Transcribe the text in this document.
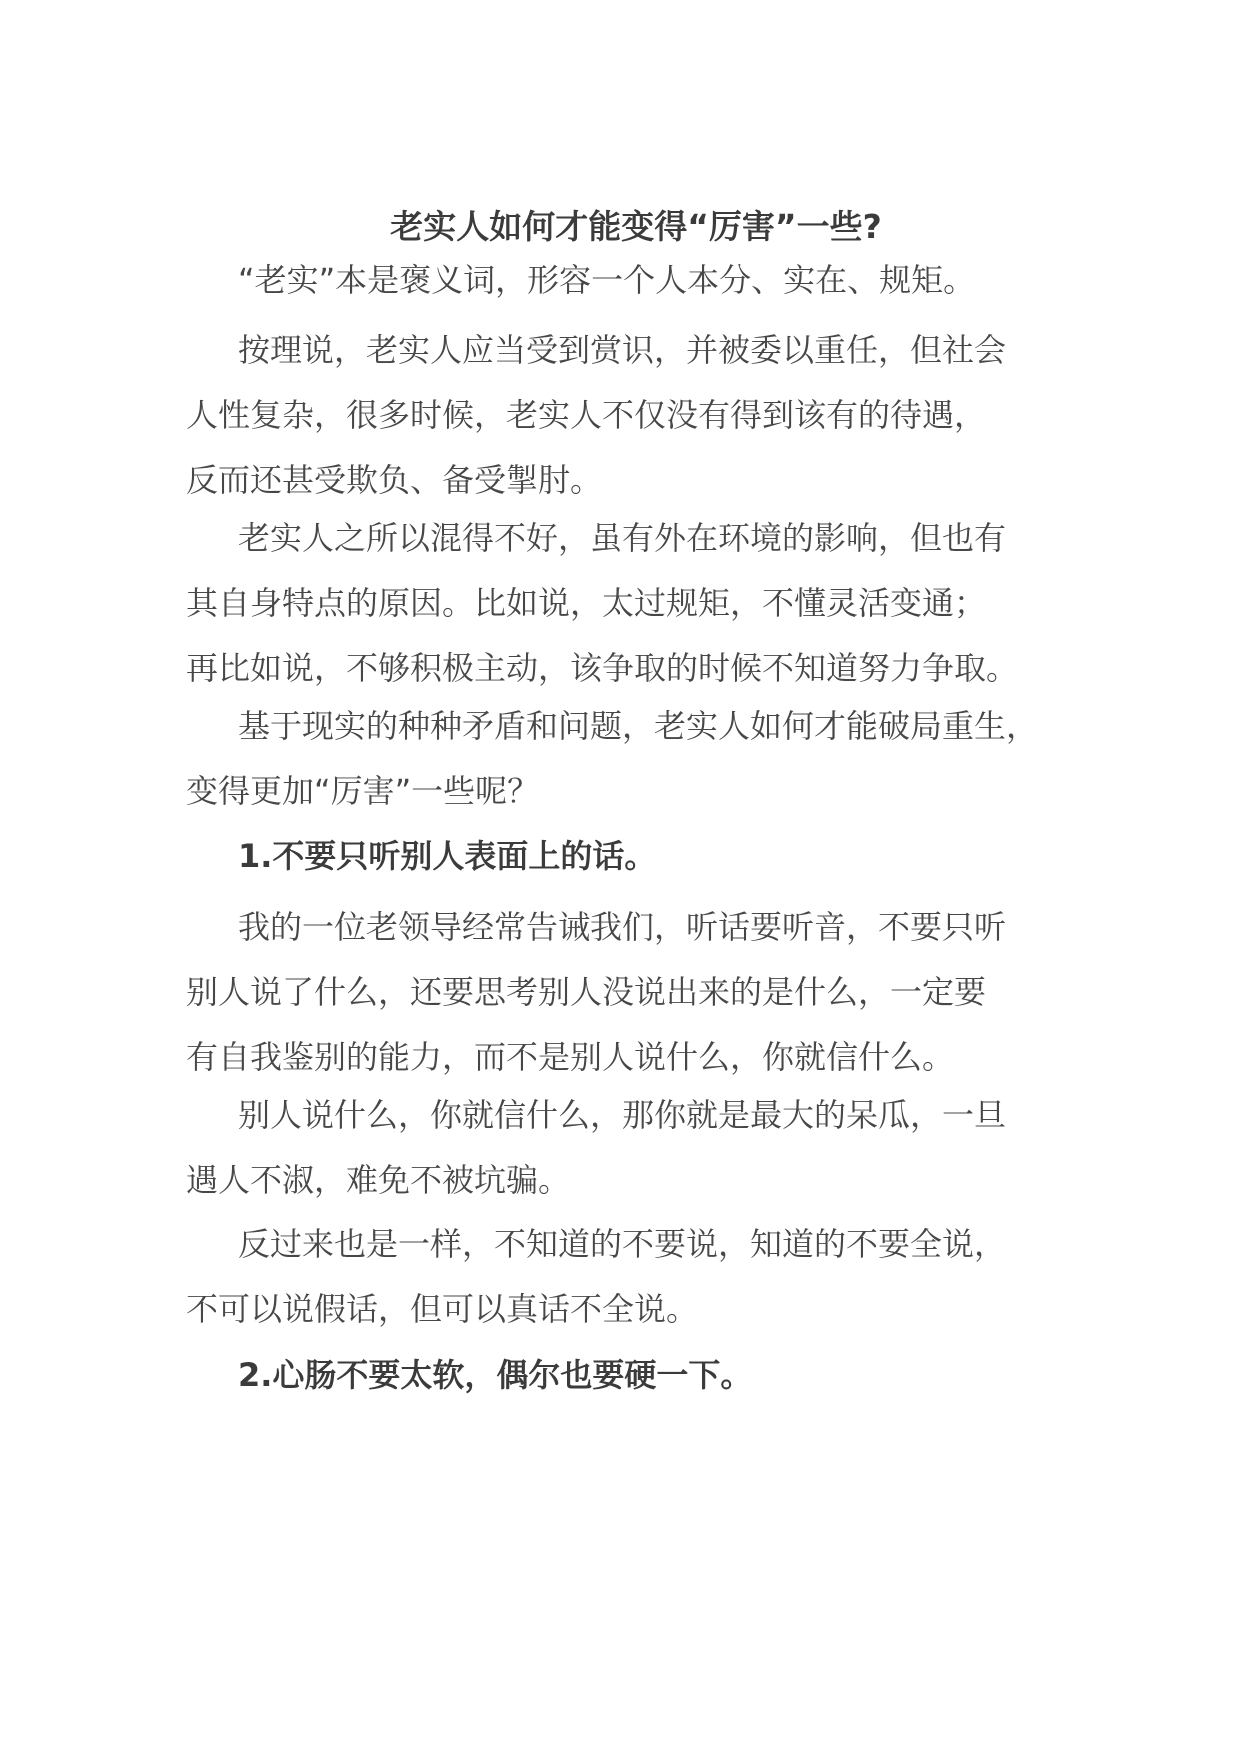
老实人如何才能变得“厉害”一些?

“老实”本是褒义词，形容一个人本分、实在、规矩。

按理说，老实人应当受到赏识，并被委以重任，但社会
人性复杂，很多时候，老实人不仅没有得到该有的待遇，
反而还甚受欺负、备受掣肘。

老实人之所以混得不好，虽有外在环境的影响，但也有
其自身特点的原因。比如说，太过规矩，不懂灵活变通；
再比如说，不够积极主动，该争取的时候不知道努力争取。

基于现实的种种矛盾和问题，老实人如何才能破局重生，
变得更加“厉害”一些呢？

1.不要只听别人表面上的话。

我的一位老领导经常告诫我们，听话要听音，不要只听
别人说了什么，还要思考别人没说出来的是什么，一定要
有自我鉴别的能力，而不是别人说什么，你就信什么。

别人说什么，你就信什么，那你就是最大的呆瓜，一旦
遇人不淑，难免不被坑骗。

反过来也是一样，不知道的不要说，知道的不要全说，
不可以说假话，但可以真话不全说。

2.心肠不要太软，偶尔也要硬一下。
